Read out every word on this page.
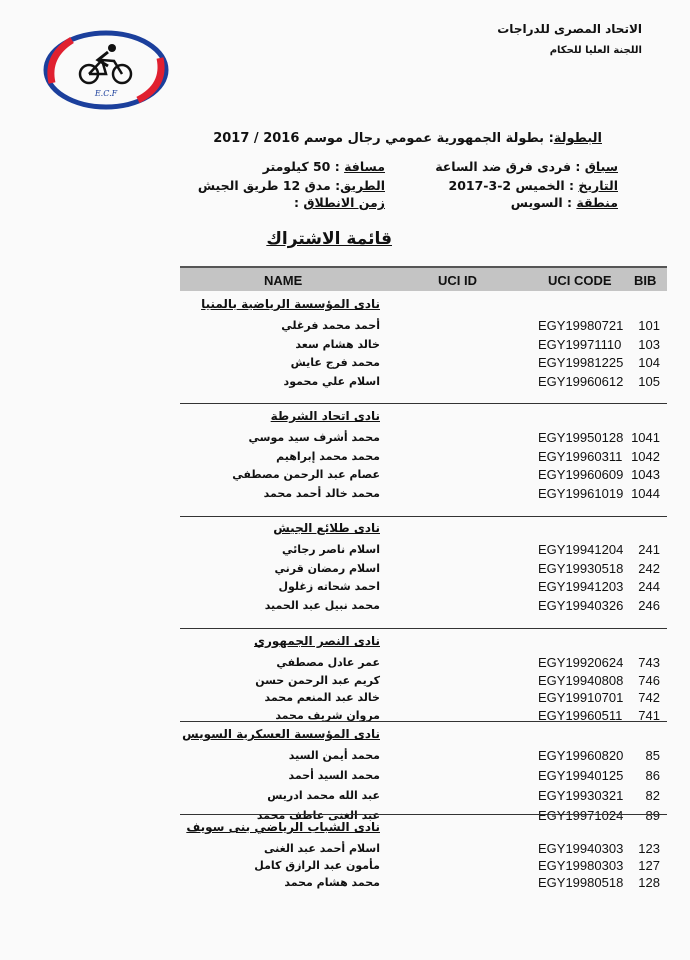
الاتحاد المصرى للدراجات
اللجنة العليا للحكام
E.C.F
البطولة: بطولة الجمهورية عمومي رجال موسم 2016 / 2017
سباق : فردى فرق ضد الساعة
مسافة : 50 كيلومتر
التاريخ : الخميس 2-3-2017
الطريق: مدق 12 طريق الجيش
منطقة : السويس
زمن الانطلاق :
قائمة الاشتراك
NAME	UCI ID	UCI CODE BIB
نادى المؤسسة الرياضية بالمنيا
أحمد محمد فرغلي	EGY19980721 101
خالد هشام سعد	EGY19971110 103
محمد فرج عايش	EGY19981225 104
اسلام علي محمود	EGY19960612 105
نادى اتحاد الشرطة
محمد أشرف سيد موسي	EGY19950128 1041
محمد محمد إبراهيم	EGY19960311 1042
عصام عبد الرحمن مصطفي	EGY19960609 1043
محمد خالد أحمد محمد	EGY19961019 1044
نادى طلائع الجيش
اسلام ناصر رجائي	EGY19941204 241
اسلام رمضان قرني	EGY19930518 242
احمد شحاته زغلول	EGY19941203 244
محمد نبيل عبد الحميد	EGY19940326 246
نادى النصر الجمهوري
عمر عادل مصطفي	EGY19920624 743
كريم عبد الرحمن حسن	EGY19940808 746
خالد عبد المنعم محمد	EGY19910701 742
مروان شريف محمد	EGY19960511 741
نادى المؤسسة العسكرية السويس
محمد أيمن السيد	EGY19960820 85
محمد السيد أحمد	EGY19940125 86
عبد الله محمد ادريس	EGY19930321 82
عبد الغنى عاطف محمد	EGY19971024 89
نادى الشباب الرياضي بنى سويف
اسلام أحمد عبد الغنى	EGY19940303 123
مأمون عبد الرازق كامل	EGY19980303 127
محمد هشام محمد	EGY19980518 128
